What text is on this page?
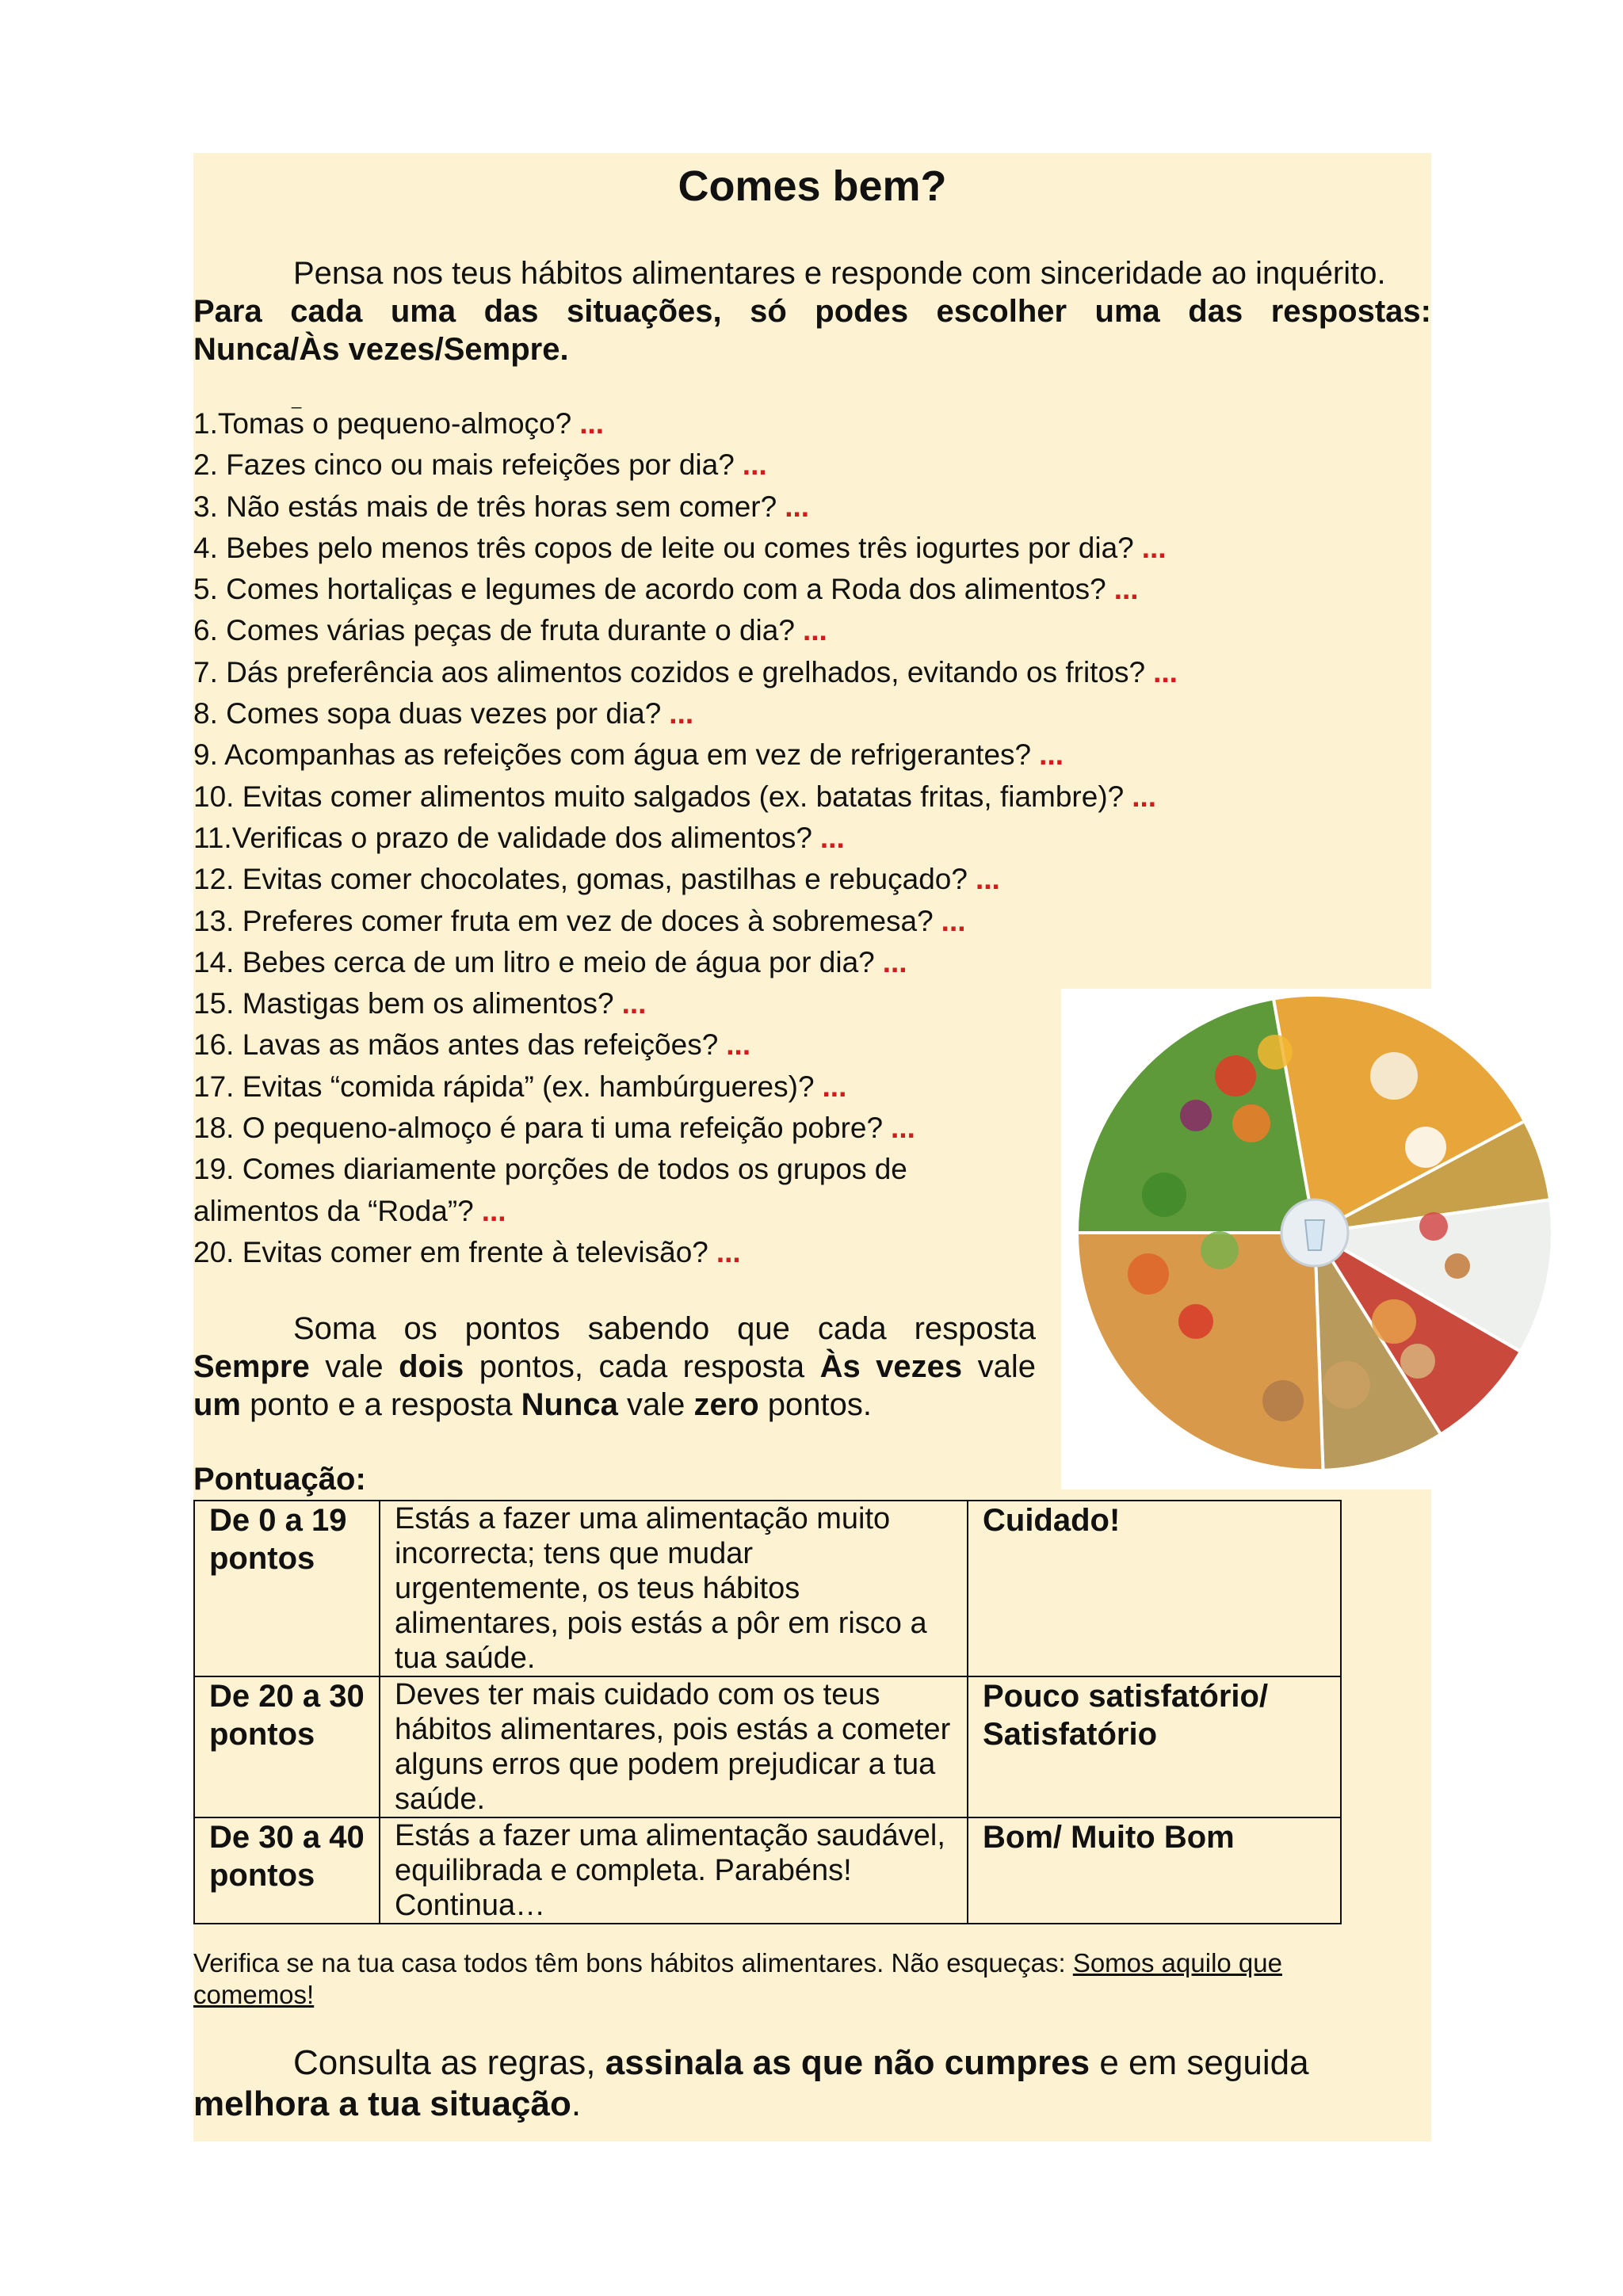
Comes bem?

Pensa nos teus hábitos alimentares e responde com sinceridade ao inquérito.

Para cada uma das situações, só podes escolher uma das respostas:

Nunca/Às vezes/Sempre.

_
1.Tomas o pequeno-almoço? ...
2. Fazes cinco ou mais refeições por dia? ...
3. Não estás mais de três horas sem comer? ...
4. Bebes pelo menos três copos de leite ou comes três iogurtes por dia? ...
5. Comes hortaliças e legumes de acordo com a Roda dos alimentos? ...
6. Comes várias peças de fruta durante o dia? ...
7. Dás preferência aos alimentos cozidos e grelhados, evitando os fritos? ...
8. Comes sopa duas vezes por dia? ...
9. Acompanhas as refeições com água em vez de refrigerantes? ...
10. Evitas comer alimentos muito salgados (ex. batatas fritas, fiambre)? ...
11.Verificas o prazo de validade dos alimentos? ...
12. Evitas comer chocolates, gomas, pastilhas e rebuçado? ...
13. Preferes comer fruta em vez de doces à sobremesa? ...
14. Bebes cerca de um litro e meio de água por dia? ...
15. Mastigas bem os alimentos? ...
16. Lavas as mãos antes das refeições? ...
17. Evitas “comida rápida” (ex. hambúrgueres)? ...
18. O pequeno-almoço é para ti uma refeição pobre? ...
19. Comes diariamente porções de todos os grupos de alimentos da “Roda”? ...
20. Evitas comer em frente à televisão? ...

Soma os pontos sabendo que cada resposta

Sempre vale dois pontos, cada resposta Às vezes vale

um ponto e a resposta Nunca vale zero pontos.

Pontuação:
De 0 a 19 pontos	Estás a fazer uma alimentação muito incorrecta; tens que mudar urgentemente, os teus hábitos alimentares, pois estás a pôr em risco a tua saúde.	Cuidado!
De 20 a 30 pontos	Deves ter mais cuidado com os teus hábitos alimentares, pois estás a cometer alguns erros que podem prejudicar a tua saúde.	Pouco satisfatório/ Satisfatório
De 30 a 40 pontos	Estás a fazer uma alimentação saudável, equilibrada e completa. Parabéns! Continua…	Bom/ Muito Bom
Verifica se na tua casa todos têm bons hábitos alimentares. Não esqueças: Somos aquilo que comemos!

Consulta as regras, assinala as que não cumpres e em seguida

melhora a tua situação.
